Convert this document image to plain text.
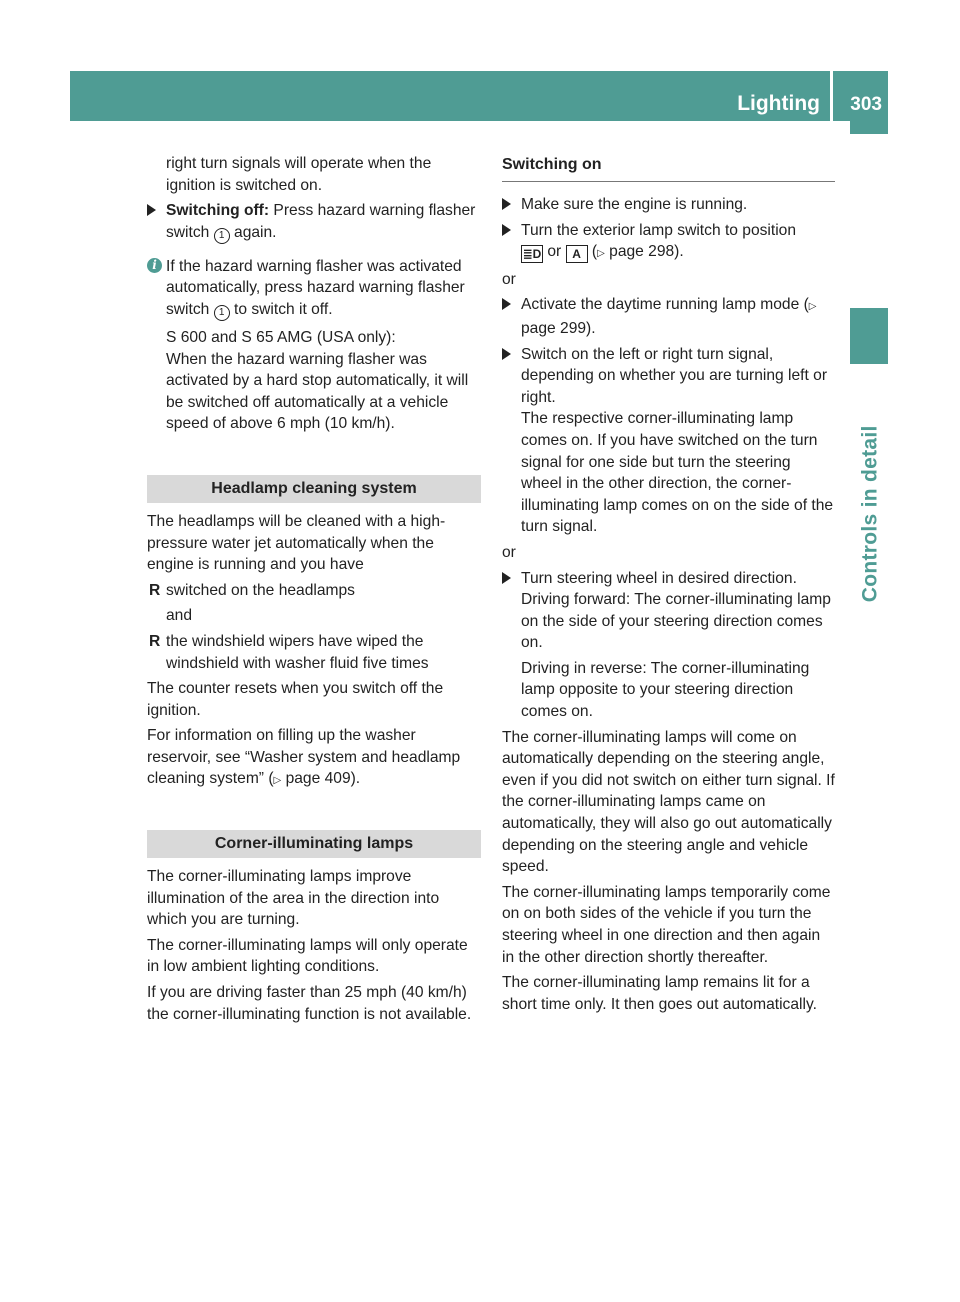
Lighting 303
Controls in detail

right turn signals will operate when the ignition is switched on.

Switching off: Press hazard warning flasher switch 1 again.
i If the hazard warning flasher was activated automatically, press hazard warning flasher switch 1 to switch it off.

S 600 and S 65 AMG (USA only):

When the hazard warning flasher was activated by a hard stop automatically, it will be switched off automatically at a vehicle speed of above 6 mph (10 km/h).

Headlamp cleaning system

The headlamps will be cleaned with a high-pressure water jet automatically when the engine is running and you have

R switched on the headlamps

and

R the windshield wipers have wiped the windshield with washer fluid five times

The counter resets when you switch off the ignition.

For information on filling up the washer reservoir, see “Washer system and headlamp cleaning system” (▷ page 409).

Corner-illuminating lamps

The corner-illuminating lamps improve illumination of the area in the direction into which you are turning.

The corner-illuminating lamps will only operate in low ambient lighting conditions.

If you are driving faster than 25 mph (40 km/h) the corner-illuminating function is not available.

Switching on
Make sure the engine is running.
Turn the exterior lamp switch to position
≣D or A (▷ page 298).

or

Activate the daytime running lamp mode (▷ page 299).
Switch on the left or right turn signal, depending on whether you are turning left or right.
The respective corner-illuminating lamp comes on. If you have switched on the turn signal for one side but turn the steering wheel in the other direction, the corner-illuminating lamp comes on on the side of the turn signal.

or

Turn steering wheel in desired direction.
Driving forward: The corner-illuminating lamp on the side of your steering direction comes on.

Driving in reverse: The corner-illuminating lamp opposite to your steering direction comes on.

The corner-illuminating lamps will come on automatically depending on the steering angle, even if you did not switch on either turn signal. If the corner-illuminating lamps came on automatically, they will also go out automatically depending on the steering angle and vehicle speed.

The corner-illuminating lamps temporarily come on on both sides of the vehicle if you turn the steering wheel in one direction and then again in the other direction shortly thereafter.

The corner-illuminating lamp remains lit for a short time only. It then goes out automatically.
